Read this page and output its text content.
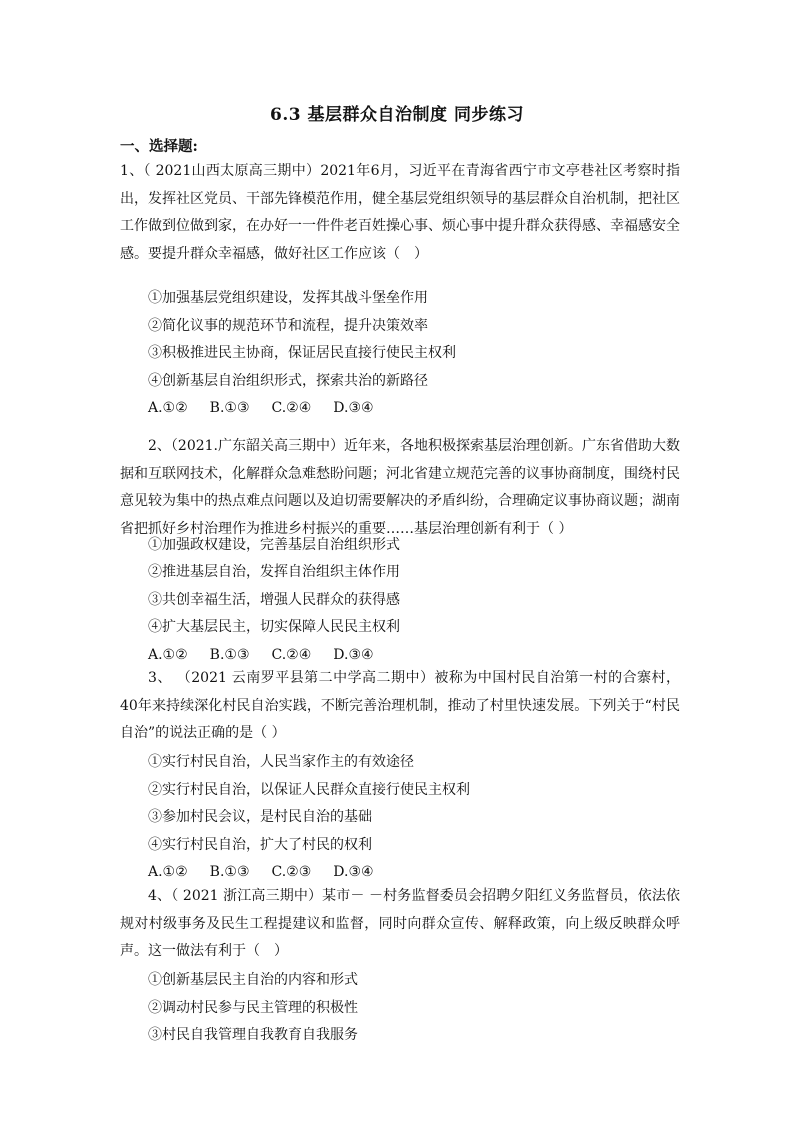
6.3 基层群众自治制度 同步练习
一、选择题:

1、（ 2021山西太原高三期中）2021年6月，习近平在青海省西宁市文亭巷社区考察时指出，发挥社区党员、干部先锋模范作用，健全基层党组织领导的基层群众自治机制，把社区工作做到位做到家，在办好一一件件老百姓操心事、烦心事中提升群众获得感、幸福感安全感。要提升群众幸福感，做好社区工作应该（　）

①加强基层党组织建设，发挥其战斗堡垒作用
②简化议事的规范环节和流程，提升决策效率
③积极推进民主协商，保证居民直接行使民主权利
④创新基层自治组织形式，探索共治的新路径
A.①② B.①③ C.②④ D.③④

2、（2021.广东韶关高三期中）近年来，各地积极探索基层治理创新。广东省借助大数据和互联网技术，化解群众急难愁盼问题；河北省建立规范完善的议事协商制度，围绕村民意见较为集中的热点难点问题以及迫切需要解决的矛盾纠纷，合理确定议事协商议题；湖南省把抓好乡村治理作为推进乡村振兴的重要……基层治理创新有利于（ ）

①加强政权建设，完善基层自治组织形式
②推进基层自治，发挥自治组织主体作用
③共创幸福生活，增强人民群众的获得感
④扩大基层民主，切实保障人民民主权利
A.①② B.①③ C.②④ D.③④

3、 （2021 云南罗平县第二中学高二期中）被称为中国村民自治第一村的合寨村，40年来持续深化村民自治实践，不断完善治理机制，推动了村里快速发展。下列关于“村民自治”的说法正确的是（ ）

①实行村民自治，人民当家作主的有效途径
②实行村民自治，以保证人民群众直接行使民主权利
③参加村民会议，是村民自治的基础
④实行村民自治，扩大了村民的权利
A.①② B.①③ C.②③ D.③④

4、（ 2021 浙江高三期中）某市－ －村务监督委员会招聘夕阳红义务监督员，依法依规对村级事务及民生工程提建议和监督，同时向群众宣传、解释政策，向上级反映群众呼声。这一做法有利于（　）

①创新基层民主自治的内容和形式
②调动村民参与民主管理的积极性
③村民自我管理自我教育自我服务
